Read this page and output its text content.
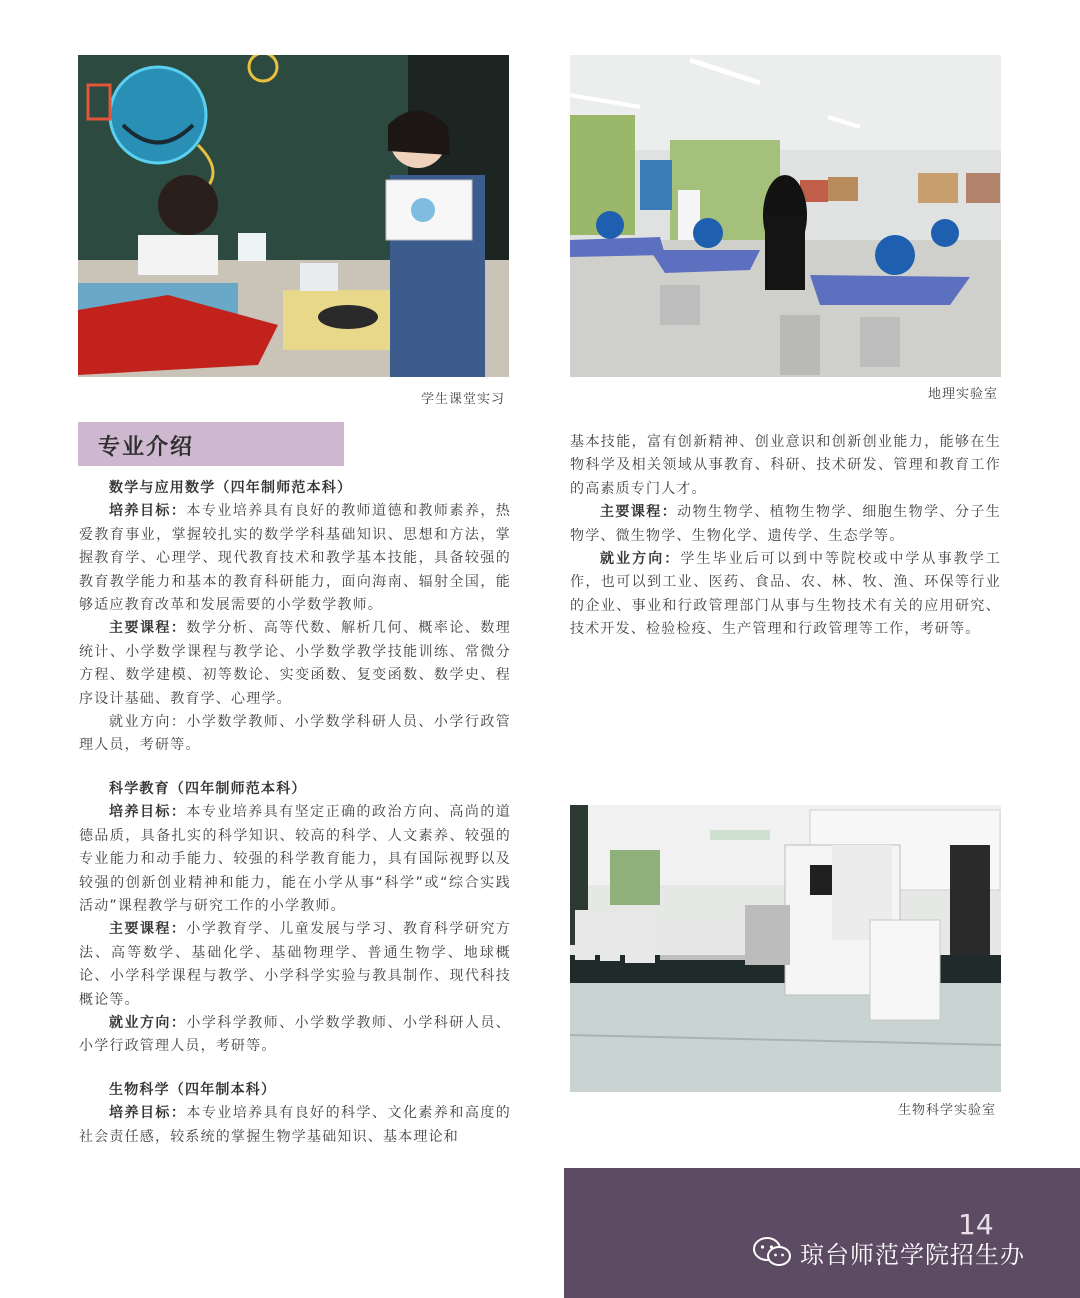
学生课堂实习	地理实验室
专业介绍

数学与应用数学（四年制师范本科）

培养目标：本专业培养具有良好的教师道德和教师素养，热爱教育事业，掌握较扎实的数学学科基础知识、思想和方法，掌握教育学、心理学、现代教育技术和教学基本技能，具备较强的教育教学能力和基本的教育科研能力，面向海南、辐射全国，能够适应教育改革和发展需要的小学数学教师。

主要课程：数学分析、高等代数、解析几何、概率论、数理统计、小学数学课程与教学论、小学数学教学技能训练、常微分方程、数学建模、初等数论、实变函数、复变函数、数学史、程序设计基础、教育学、心理学。

就业方向：小学数学教师、小学数学科研人员、小学行政管理人员，考研等。

科学教育（四年制师范本科）

培养目标：本专业培养具有坚定正确的政治方向、高尚的道德品质，具备扎实的科学知识、较高的科学、人文素养、较强的专业能力和动手能力、较强的科学教育能力，具有国际视野以及较强的创新创业精神和能力，能在小学从事“科学”或“综合实践活动”课程教学与研究工作的小学教师。

主要课程：小学教育学、儿童发展与学习、教育科学研究方法、高等数学、基础化学、基础物理学、普通生物学、地球概论、小学科学课程与教学、小学科学实验与教具制作、现代科技概论等。

就业方向：小学科学教师、小学数学教师、小学科研人员、小学行政管理人员，考研等。

生物科学（四年制本科）

培养目标：本专业培养具有良好的科学、文化素养和高度的社会责任感，较系统的掌握生物学基础知识、基本理论和

基本技能，富有创新精神、创业意识和创新创业能力，能够在生物科学及相关领域从事教育、科研、技术研发、管理和教育工作的高素质专门人才。

主要课程：动物生物学、植物生物学、细胞生物学、分子生物学、微生物学、生物化学、遗传学、生态学等。

就业方向：学生毕业后可以到中等院校或中学从事教学工作，也可以到工业、医药、食品、农、林、牧、渔、环保等行业的企业、事业和行政管理部门从事与生物技术有关的应用研究、技术开发、检验检疫、生产管理和行政管理等工作，考研等。

生物科学实验室
14
琼台师范学院招生办
